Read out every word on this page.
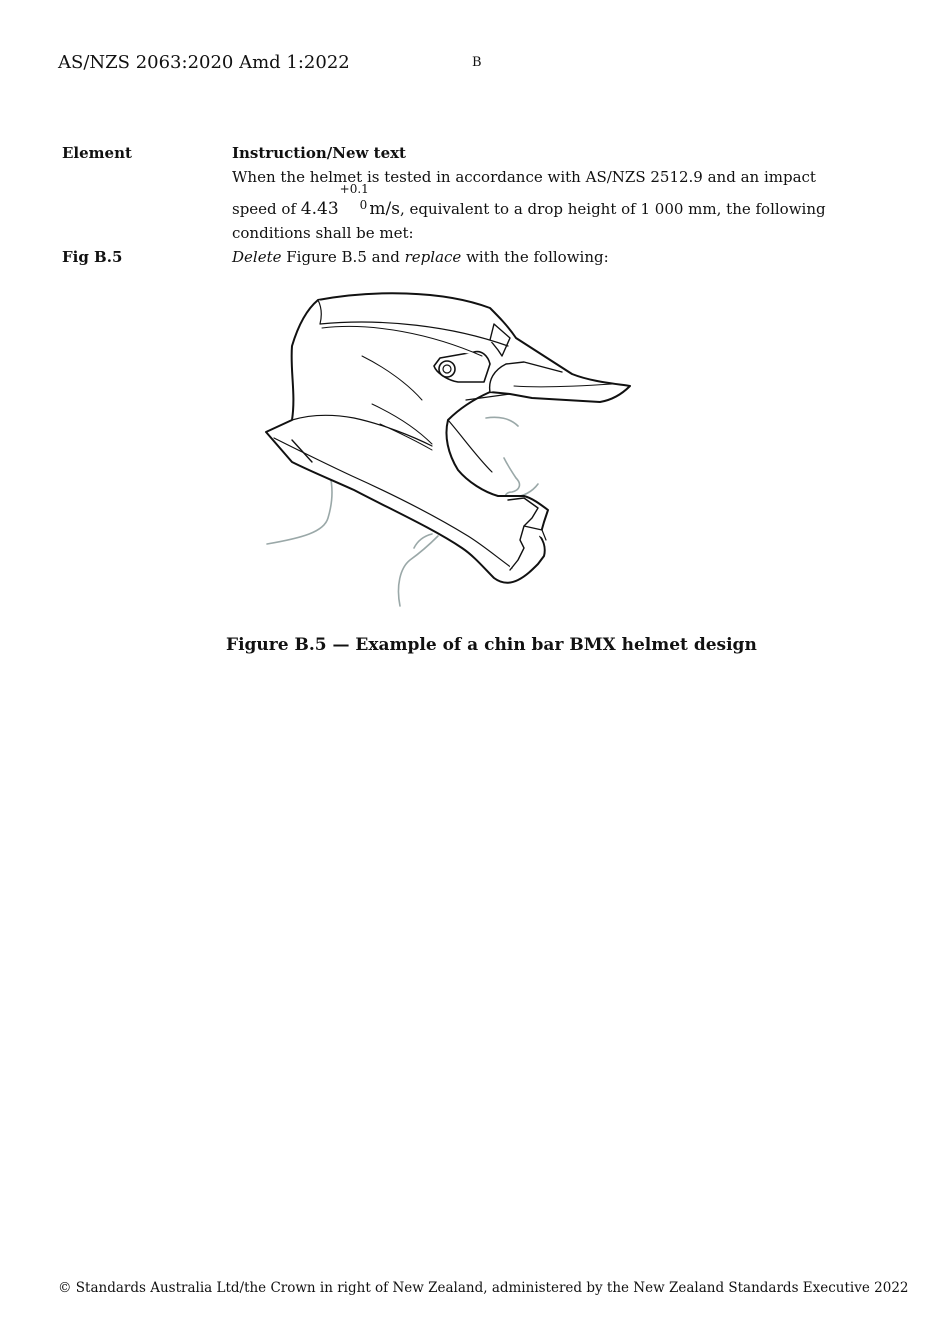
AS/NZS 2063:2020 Amd 1:2022	B
Element	Instruction/New text
When the helmet is tested in accordance with AS/NZS 2512.9 and an impact
speed of 4.43
+0.1
0 m/s, equivalent to a drop height of 1 000 mm, the following
conditions shall be met:
Fig B.5	Delete Figure B.5 and replace with the following:
Figure B.5 — Example of a chin bar BMX helmet design
© Standards Australia Ltd/the Crown in right of New Zealand, administered by the New Zealand Standards Executive 2022
